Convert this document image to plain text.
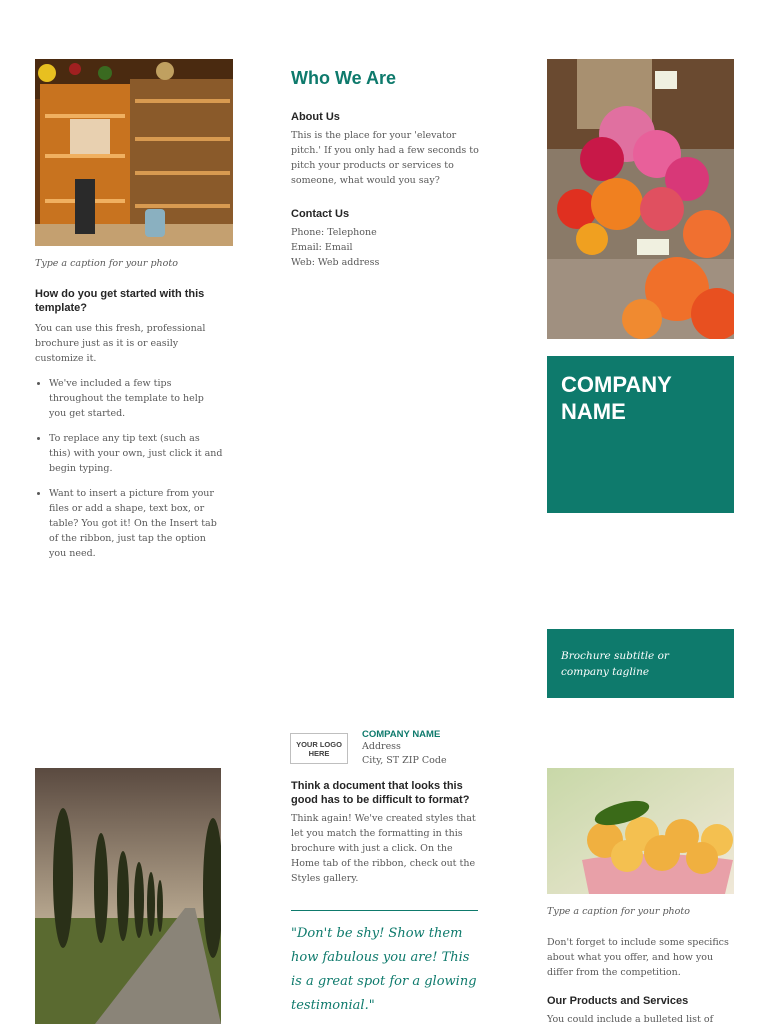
Type a caption for your photo
How do you get started with this template?
You can use this fresh, professional brochure just as it is or easily customize it.
• We've included a few tips throughout the template to help you get started.
• To replace any tip text (such as this) with your own, just click it and begin typing.
• Want to insert a picture from your files or add a shape, text box, or table? You got it! On the Insert tab of the ribbon, just tap the option you need.
Who We Are
About Us
This is the place for your 'elevator pitch.' If you only had a few seconds to pitch your products or services to someone, what would you say?
Contact Us
Phone: Telephone
Email: Email
Web: Web address
YOUR LOGO HERE
COMPANY NAME
Address
City, ST ZIP Code
Think a document that looks this good has to be difficult to format?
Think again! We've created styles that let you match the formatting in this brochure with just a click. On the Home tab of the ribbon, check out the Styles gallery.
"Don't be shy! Show them how fabulous you are! This is a great spot for a glowing testimonial."
COMPANY
NAME
Brochure subtitle or company tagline
Type a caption for your photo
Don't forget to include some specifics about what you offer, and how you differ from the competition.
Our Products and Services
You could include a bulleted list of
